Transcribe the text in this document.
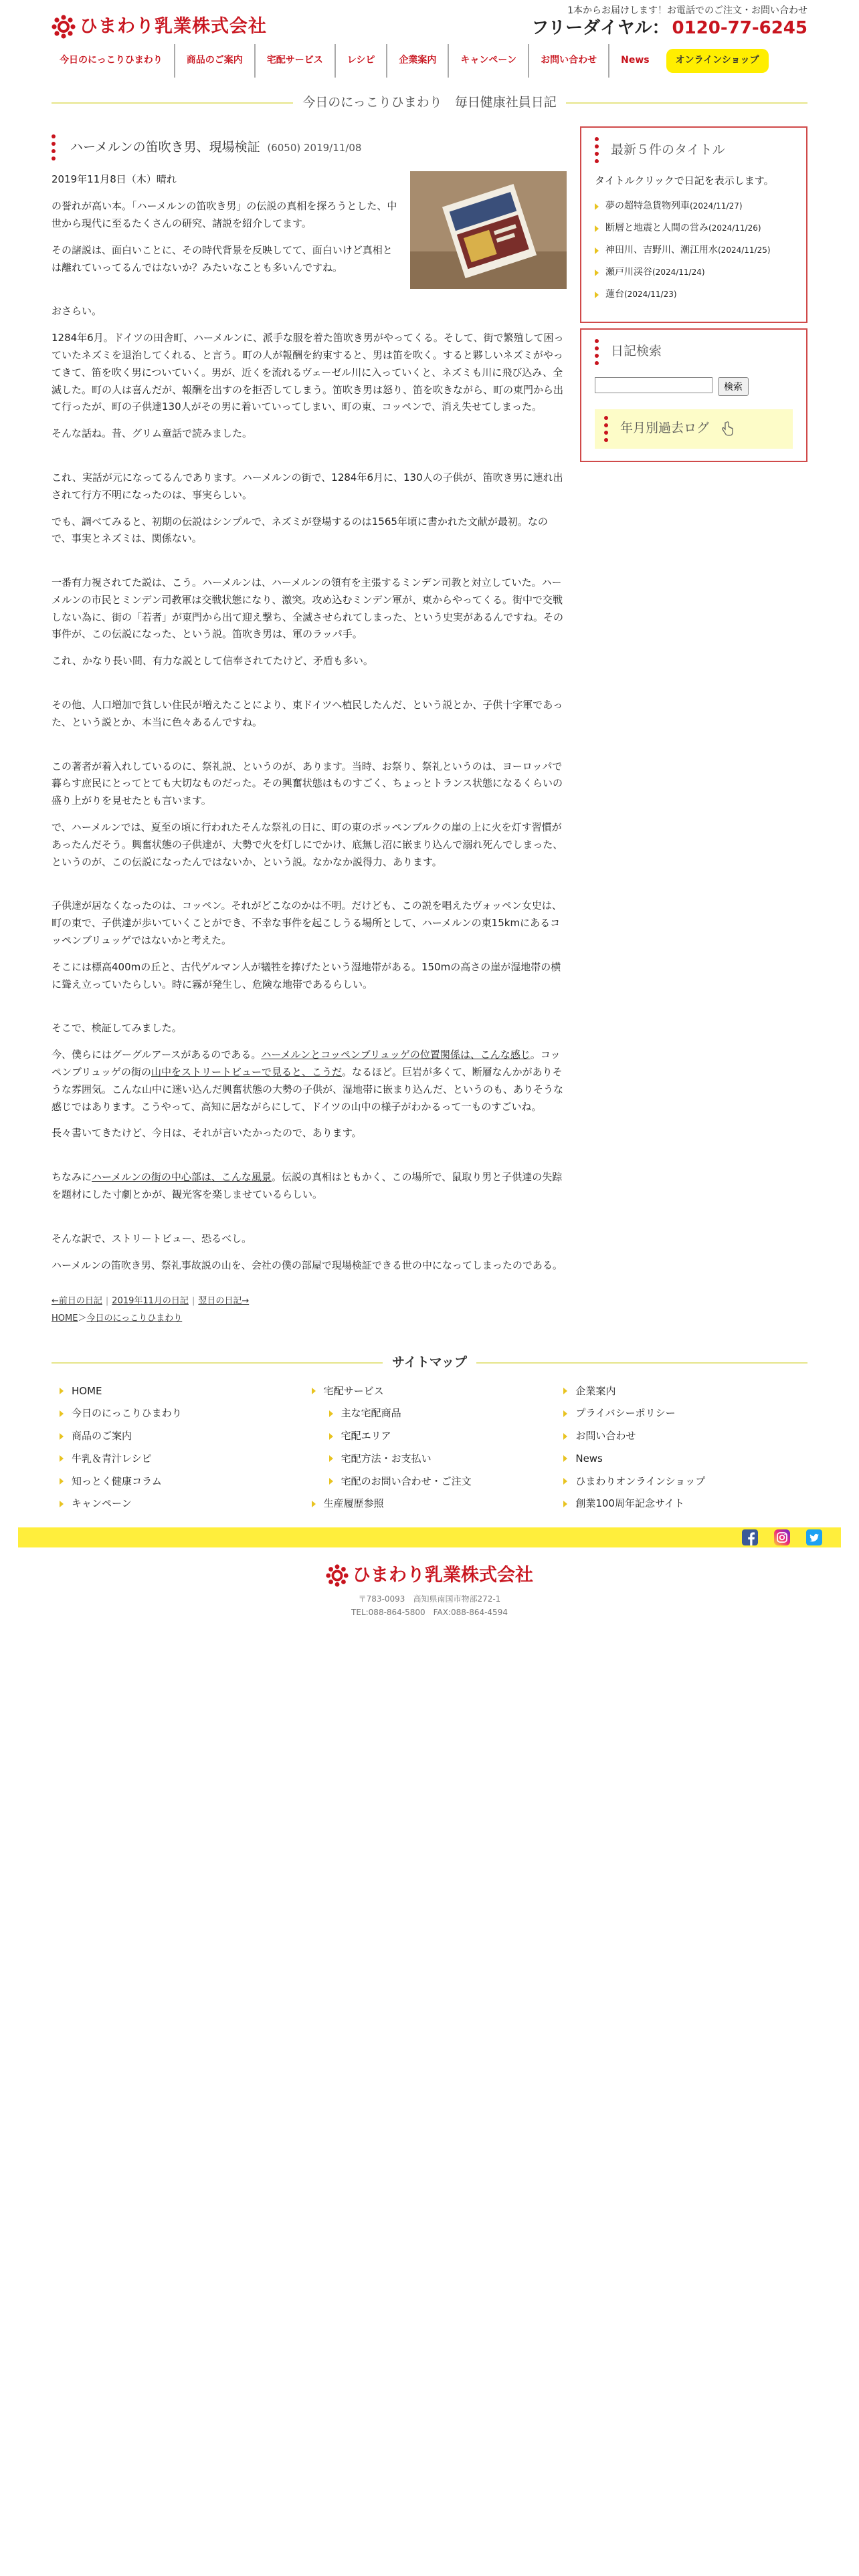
ひまわり乳業株式会社
1本からお届けします！お電話でのご注文・お問い合わせ
フリーダイヤル： 0120-77-6245
今日のにっこりひまわり	商品のご案内	宅配サービス	レシピ	企業案内	キャンペーン	お問い合わせ	News	オンラインショップ
今日のにっこりひまわり　毎日健康社員日記
ハーメルンの笛吹き男、現場検証 (6050) 2019/11/08

2019年11月8日（木）晴れ

の誉れが高い本。「ハーメルンの笛吹き男」の伝説の真相を探ろうとした、中世から現代に至るたくさんの研究、諸説を紹介してます。

その諸説は、面白いことに、その時代背景を反映してて、面白いけど真相とは離れていってるんではないか？みたいなことも多いんですね。

おさらい。

1284年6月。ドイツの田舎町、ハーメルンに、派手な服を着た笛吹き男がやってくる。そして、街で繁殖して困っていたネズミを退治してくれる、と言う。町の人が報酬を約束すると、男は笛を吹く。すると夥しいネズミがやってきて、笛を吹く男についていく。男が、近くを流れるヴェーゼル川に入っていくと、ネズミも川に飛び込み、全滅した。町の人は喜んだが、報酬を出すのを拒否してしまう。笛吹き男は怒り、笛を吹きながら、町の東門から出て行ったが、町の子供達130人がその男に着いていってしまい、町の東、コッペンで、消え失せてしまった。

そんな話ね。昔、グリム童話で読みました。

これ、実話が元になってるんであります。ハーメルンの街で、1284年6月に、130人の子供が、笛吹き男に連れ出されて行方不明になったのは、事実らしい。

でも、調べてみると、初期の伝説はシンプルで、ネズミが登場するのは1565年頃に書かれた文献が最初。なので、事実とネズミは、関係ない。

一番有力視されてた説は、こう。ハーメルンは、ハーメルンの領有を主張するミンデン司教と対立していた。ハーメルンの市民とミンデン司教軍は交戦状態になり、激突。攻め込むミンデン軍が、東からやってくる。街中で交戦しない為に、街の「若者」が東門から出て迎え撃ち、全滅させられてしまった、という史実があるんですね。その事件が、この伝説になった、という説。笛吹き男は、軍のラッパ手。

これ、かなり長い間、有力な説として信奉されてたけど、矛盾も多い。

その他、人口増加で貧しい住民が増えたことにより、東ドイツへ植民したんだ、という説とか、子供十字軍であった、という説とか、本当に色々あるんですね。

この著者が着入れしているのに、祭礼説、というのが、あります。当時、お祭り、祭礼というのは、ヨーロッパで暮らす庶民にとってとても大切なものだった。その興奮状態はものすごく、ちょっとトランス状態になるくらいの盛り上がりを見せたとも言います。

で、ハーメルンでは、夏至の頃に行われたそんな祭礼の日に、町の東のポッペンブルクの崖の上に火を灯す習慣があったんだそう。興奮状態の子供達が、大勢で火を灯しにでかけ、底無し沼に嵌まり込んで溺れ死んでしまった、というのが、この伝説になったんではないか、という説。なかなか説得力、あります。

子供達が居なくなったのは、コッペン。それがどこなのかは不明。だけども、この説を唱えたヴォッペン女史は、町の東で、子供達が歩いていくことができ、不幸な事件を起こしうる場所として、ハーメルンの東15kmにあるコッペンブリュッゲではないかと考えた。

そこには標高400mの丘と、古代ゲルマン人が犠牲を捧げたという湿地帯がある。150mの高さの崖が湿地帯の横に聳え立っていたらしい。時に霧が発生し、危険な地帯であるらしい。

そこで、検証してみました。

今、僕らにはグーグルアースがあるのである。ハーメルンとコッペンブリュッゲの位置関係は、こんな感じ。コッペンブリュッゲの街の山中をストリートビューで見ると、こうだ。なるほど。巨岩が多くて、断層なんかがありそうな雰囲気。こんな山中に迷い込んだ興奮状態の大勢の子供が、湿地帯に嵌まり込んだ、というのも、ありそうな感じではあります。こうやって、高知に居ながらにして、ドイツの山中の様子がわかるって一ものすごいね。

長々書いてきたけど、今日は、それが言いたかったので、あります。

ちなみにハーメルンの街の中心部は、こんな風景。伝説の真相はともかく、この場所で、鼠取り男と子供達の失踪を題材にした寸劇とかが、観光客を楽しませているらしい。

そんな訳で、ストリートビュー、恐るべし。

ハーメルンの笛吹き男、祭礼事故説の山を、会社の僕の部屋で現場検証できる世の中になってしまったのである。

←前日の日記 | 2019年11月の日記 | 翌日の日記→
HOME＞今日のにっこりひまわり
最新５件のタイトル
タイトルクリックで日記を表示します。
夢の超特急貨物列車(2024/11/27)
断層と地震と人間の営み(2024/11/26)
神田川、吉野川、潮江用水(2024/11/25)
瀬戸川渓谷(2024/11/24)
蓮台(2024/11/23)
日記検索
検索
年月別過去ログ
サイトマップ
HOME
今日のにっこりひまわり
商品のご案内
牛乳＆青汁レシピ
知っとく健康コラム
キャンペーン
宅配サービス
主な宅配商品
宅配エリア
宅配方法・お支払い
宅配のお問い合わせ・ご注文
生産履歴参照
企業案内
プライバシーポリシー
お問い合わせ
News
ひまわりオンラインショップ
創業100周年記念サイト
ひまわり乳業株式会社
〒783-0093　高知県南国市物部272-1
TEL:088-864-5800　FAX:088-864-4594
